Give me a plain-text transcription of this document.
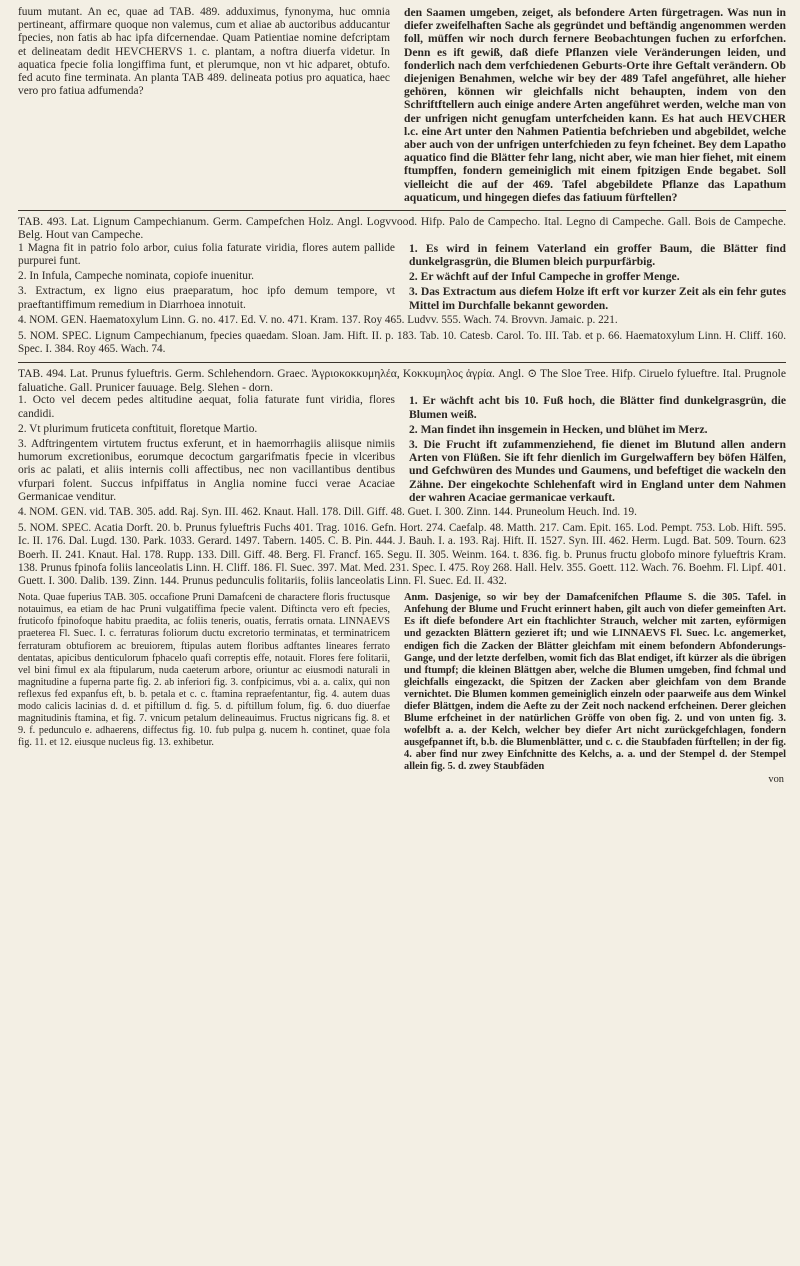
fuum mutant. An ec, quae ad TAB. 489. adduximus, fynonyma, huc omnia pertineant, affirmare quoque non valemus, cum et aliae ab auctoribus adducantur fpecies, non fatis ab hac ipfa difcernendae. Quam Patientiae nomine defcriptam et delineatam dedit HEVCHERVS 1. c. plantam, a noftra diuerfa videtur. In aquatica fpecie folia longiffima funt, et plerumque, non vt hic adparet, obtufo. fed acuto fine terminata. An planta TAB 489. delineata potius pro aquatica, haec vero pro fatiua adfumenda?
den Saamen umgeben, zeiget, als befondere Arten fürgetragen. Was nun in diefer zweifelhaften Sache als gegründet und beftändig angenommen werden foll, müffen wir noch durch fernere Beobachtungen fuchen zu erforfchen. Denn es ift gewiß, daß diefe Pflanzen viele Veränderungen leiden, und fonderlich nach dem verfchiedenen Geburts-Orte ihre Geftalt verändern. Ob diejenigen Benahmen, welche wir bey der 489 Tafel angeführet, alle hieher gehören, können wir gleichfalls nicht behaupten, indem von den Schriftftellern auch einige andere Arten angeführet werden, welche man von der unfrigen nicht genugfam unterfcheiden kann. Es hat auch HEVCHER l.c. eine Art unter den Nahmen Patientia befchrieben und abgebildet, welche aber auch von der unfrigen unterfchieden zu feyn fcheinet. Bey dem Lapatho aquatico find die Blätter fehr lang, nicht aber, wie man hier fiehet, mit einem ftumpffen, fondern gemeiniglich mit einem fpitzigen Ende begabet. Soll vielleicht die auf der 469. Tafel abgebildete Pflanze das Lapathum aquaticum, und hingegen diefes das fatiuum fürftellen?
TAB. 493. Lat. Lignum Campechianum. Germ. Campefchen Holz. Angl. Logvvood. Hifp. Palo de Campecho. Ital. Legno di Campeche. Gall. Bois de Campeche. Belg. Hout van Campeche.
1 Magna fit in patrio folo arbor, cuius folia faturate viridia, flores autem pallide purpurei funt.
1. Es wird in feinem Vaterland ein groffer Baum, die Blätter find dunkelgrasgrün, die Blumen bleich purpurfärbig.
2. In Infula, Campeche nominata, copiofe inuenitur.	2. Er wächft auf der Inful Campeche in groffer Menge.
3. Extractum, ex ligno eius praeparatum, hoc ipfo demum tempore, vt praeftantiffimum remedium in Diarrhoea innotuit.
3. Das Extractum aus diefem Holze ift erft vor kurzer Zeit als ein fehr gutes Mittel im Durchfalle bekannt geworden.
4. NOM. GEN. Haematoxylum Linn. G. no. 417. Ed. V. no. 471. Kram. 137. Roy 465. Ludvv. 555. Wach. 74. Brovvn. Jamaic. p. 221.
5. NOM. SPEC. Lignum Campechianum, fpecies quaedam. Sloan. Jam. Hift. II. p. 183. Tab. 10. Catesb. Carol. To. III. Tab. et p. 66. Haematoxylum Linn. H. Cliff. 160. Spec. I. 384. Roy 465. Wach. 74.
TAB. 494. Lat. Prunus fylueftris. Germ. Schlehendorn. Graec. Ἀγριοκοκκυμηλέα, Κοκκυμηλος ἀγρία. Angl. ⊙ The Sloe Tree. Hifp. Ciruelo fylueftre. Ital. Prugnole faluatiche. Gall. Prunicer fauuage. Belg. Slehen - dorn.
1. Octo vel decem pedes altitudine aequat, folia faturate funt viridia, flores candidi.
1. Er wächft acht bis 10. Fuß hoch, die Blätter find dunkelgrasgrün, die Blumen weiß.
2. Vt plurimum fruticeta conftituit, floretque Martio.	2. Man findet ihn insgemein in Hecken, und blühet im Merz.
3. Adftringentem virtutem fructus exferunt, et in haemorrhagiis aliisque nimiis humorum excretionibus, eorumque decoctum gargarifmatis fpecie in vlceribus oris ac palati, et aliis internis colli affectibus, nec non vacillantibus dentibus vfurpari folent. Succus infpiffatus in Anglia nomine fucci verae Acaciae Germanicae venditur.
3. Die Frucht ift zufammenziehend, fie dienet im Blutund allen andern Arten von Flüßen. Sie ift fehr dienlich im Gurgelwaffern bey böfen Hälfen, und Gefchwüren des Mundes und Gaumens, und befeftiget die wackeln den Zähne. Der eingekochte Schlehenfaft wird in England unter dem Nahmen der wahren Acaciae germanicae verkauft.
4. NOM. GEN. vid. TAB. 305. add. Raj. Syn. III. 462. Knaut. Hall. 178. Dill. Giff. 48. Guet. I. 300. Zinn. 144. Pruneolum Heuch. Ind. 19.
5. NOM. SPEC. Acatia Dorft. 20. b. Prunus fylueftris Fuchs 401. Trag. 1016. Gefn. Hort. 274. Caefalp. 48. Matth. 217. Cam. Epit. 165. Lod. Pempt. 753. Lob. Hift. 595. Ic. II. 176. Dal. Lugd. 130. Park. 1033. Gerard. 1497. Tabern. 1405. C. B. Pin. 444. J. Bauh. I. a. 193. Raj. Hift. II. 1527. Syn. III. 462. Herm. Lugd. Bat. 509. Tourn. 623 Boerh. II. 241. Knaut. Hal. 178. Rupp. 133. Dill. Giff. 48. Berg. Fl. Francf. 165. Segu. II. 305. Weinm. 164. t. 836. fig. b. Prunus fructu globofo minore fylueftris Kram. 138. Prunus fpinofa foliis lanceolatis Linn. H. Cliff. 186. Fl. Suec. 397. Mat. Med. 231. Spec. I. 475. Roy 268. Hall. Helv. 355. Goett. 112. Wach. 76. Boehm. Fl. Lipf. 401. Guett. I. 300. Dalib. 139. Zinn. 144. Prunus pedunculis folitariis, foliis lanceolatis Linn. Fl. Suec. Ed. II. 432.
Nota. Quae fuperius TAB. 305. occafione Pruni Damafceni de charactere floris fructusque notauimus, ea etiam de hac Pruni vulgatiffima fpecie valent. Diftincta vero eft fpecies, fruticofo fpinofoque habitu praedita, ac foliis teneris, ouatis, ferratis ornata. LINNAEVS praeterea Fl. Suec. I. c. ferraturas foliorum ductu excretorio terminatas, et terminatricem ferraturam obtufiorem ac breuiorem, ftipulas autem floribus adftantes lineares ferrato dentatas, apicibus denticulorum fphacelo quafi correptis effe, notauit. Flores fere folitarii, vel bini fimul ex ala ftipularum, nuda caeterum arbore, oriuntur ac eiusmodi naturali in magnitudine a fuperna parte fig. 2. ab inferiori fig. 3. confpicimus, vbi a. a. calix, qui non reflexus fed expanfus eft, b. b. petala et c. c. ftamina repraefentantur, fig. 4. autem duas modo calicis lacinias d. d. et piftillum d. fig. 5. d. piftillum folum, fig. 6. duo diuerfae magnitudinis ftamina, et fig. 7. vnicum petalum delineauimus. Fructus nigricans fig. 8. et 9. f. pedunculo e. adhaerens, diffectus fig. 10. fub pulpa g. nucem h. continet, quae fola fig. 11. et 12. eiusque nucleus fig. 13. exhibetur.
Anm. Dasjenige, so wir bey der Damafcenifchen Pflaume S. die 305. Tafel. in Anfehung der Blume und Frucht erinnert haben, gilt auch von diefer gemeinften Art. Es ift diefe befondere Art ein ftachlichter Strauch, welcher mit zarten, eyförmigen und gezackten Blättern gezieret ift; und wie LINNAEVS Fl. Suec. l.c. angemerket, endigen fich die Zacken der Blätter gleichfam mit einem befondern Abfonderungs-Gange, und der letzte derfelben, womit fich das Blat endiget, ift kürzer als die übrigen und ftumpf; die kleinen Blättgen aber, welche die Blumen umgeben, find fchmal und gleichfalls eingezackt, die Spitzen der Zacken aber gleichfam von dem Brande vernichtet. Die Blumen kommen gemeiniglich einzeln oder paarweife aus dem Winkel diefer Blättgen, indem die Aefte zu der Zeit noch nackend erfcheinen. Derer gleichen Blume erfcheinet in der natürlichen Gröffe von oben fig. 2. und von unten fig. 3. wofelbft a. a. der Kelch, welcher bey diefer Art nicht zurückgefchlagen, fondern ausgefpannet ift, b.b. die Blumenblätter, und c. c. die Staubfaden fürftellen; in der fig. 4. aber find nur zwey Einfchnitte des Kelchs, a. a. und der Stempel d. der Stempel allein fig. 5. d. zwey Staubfäden
von
